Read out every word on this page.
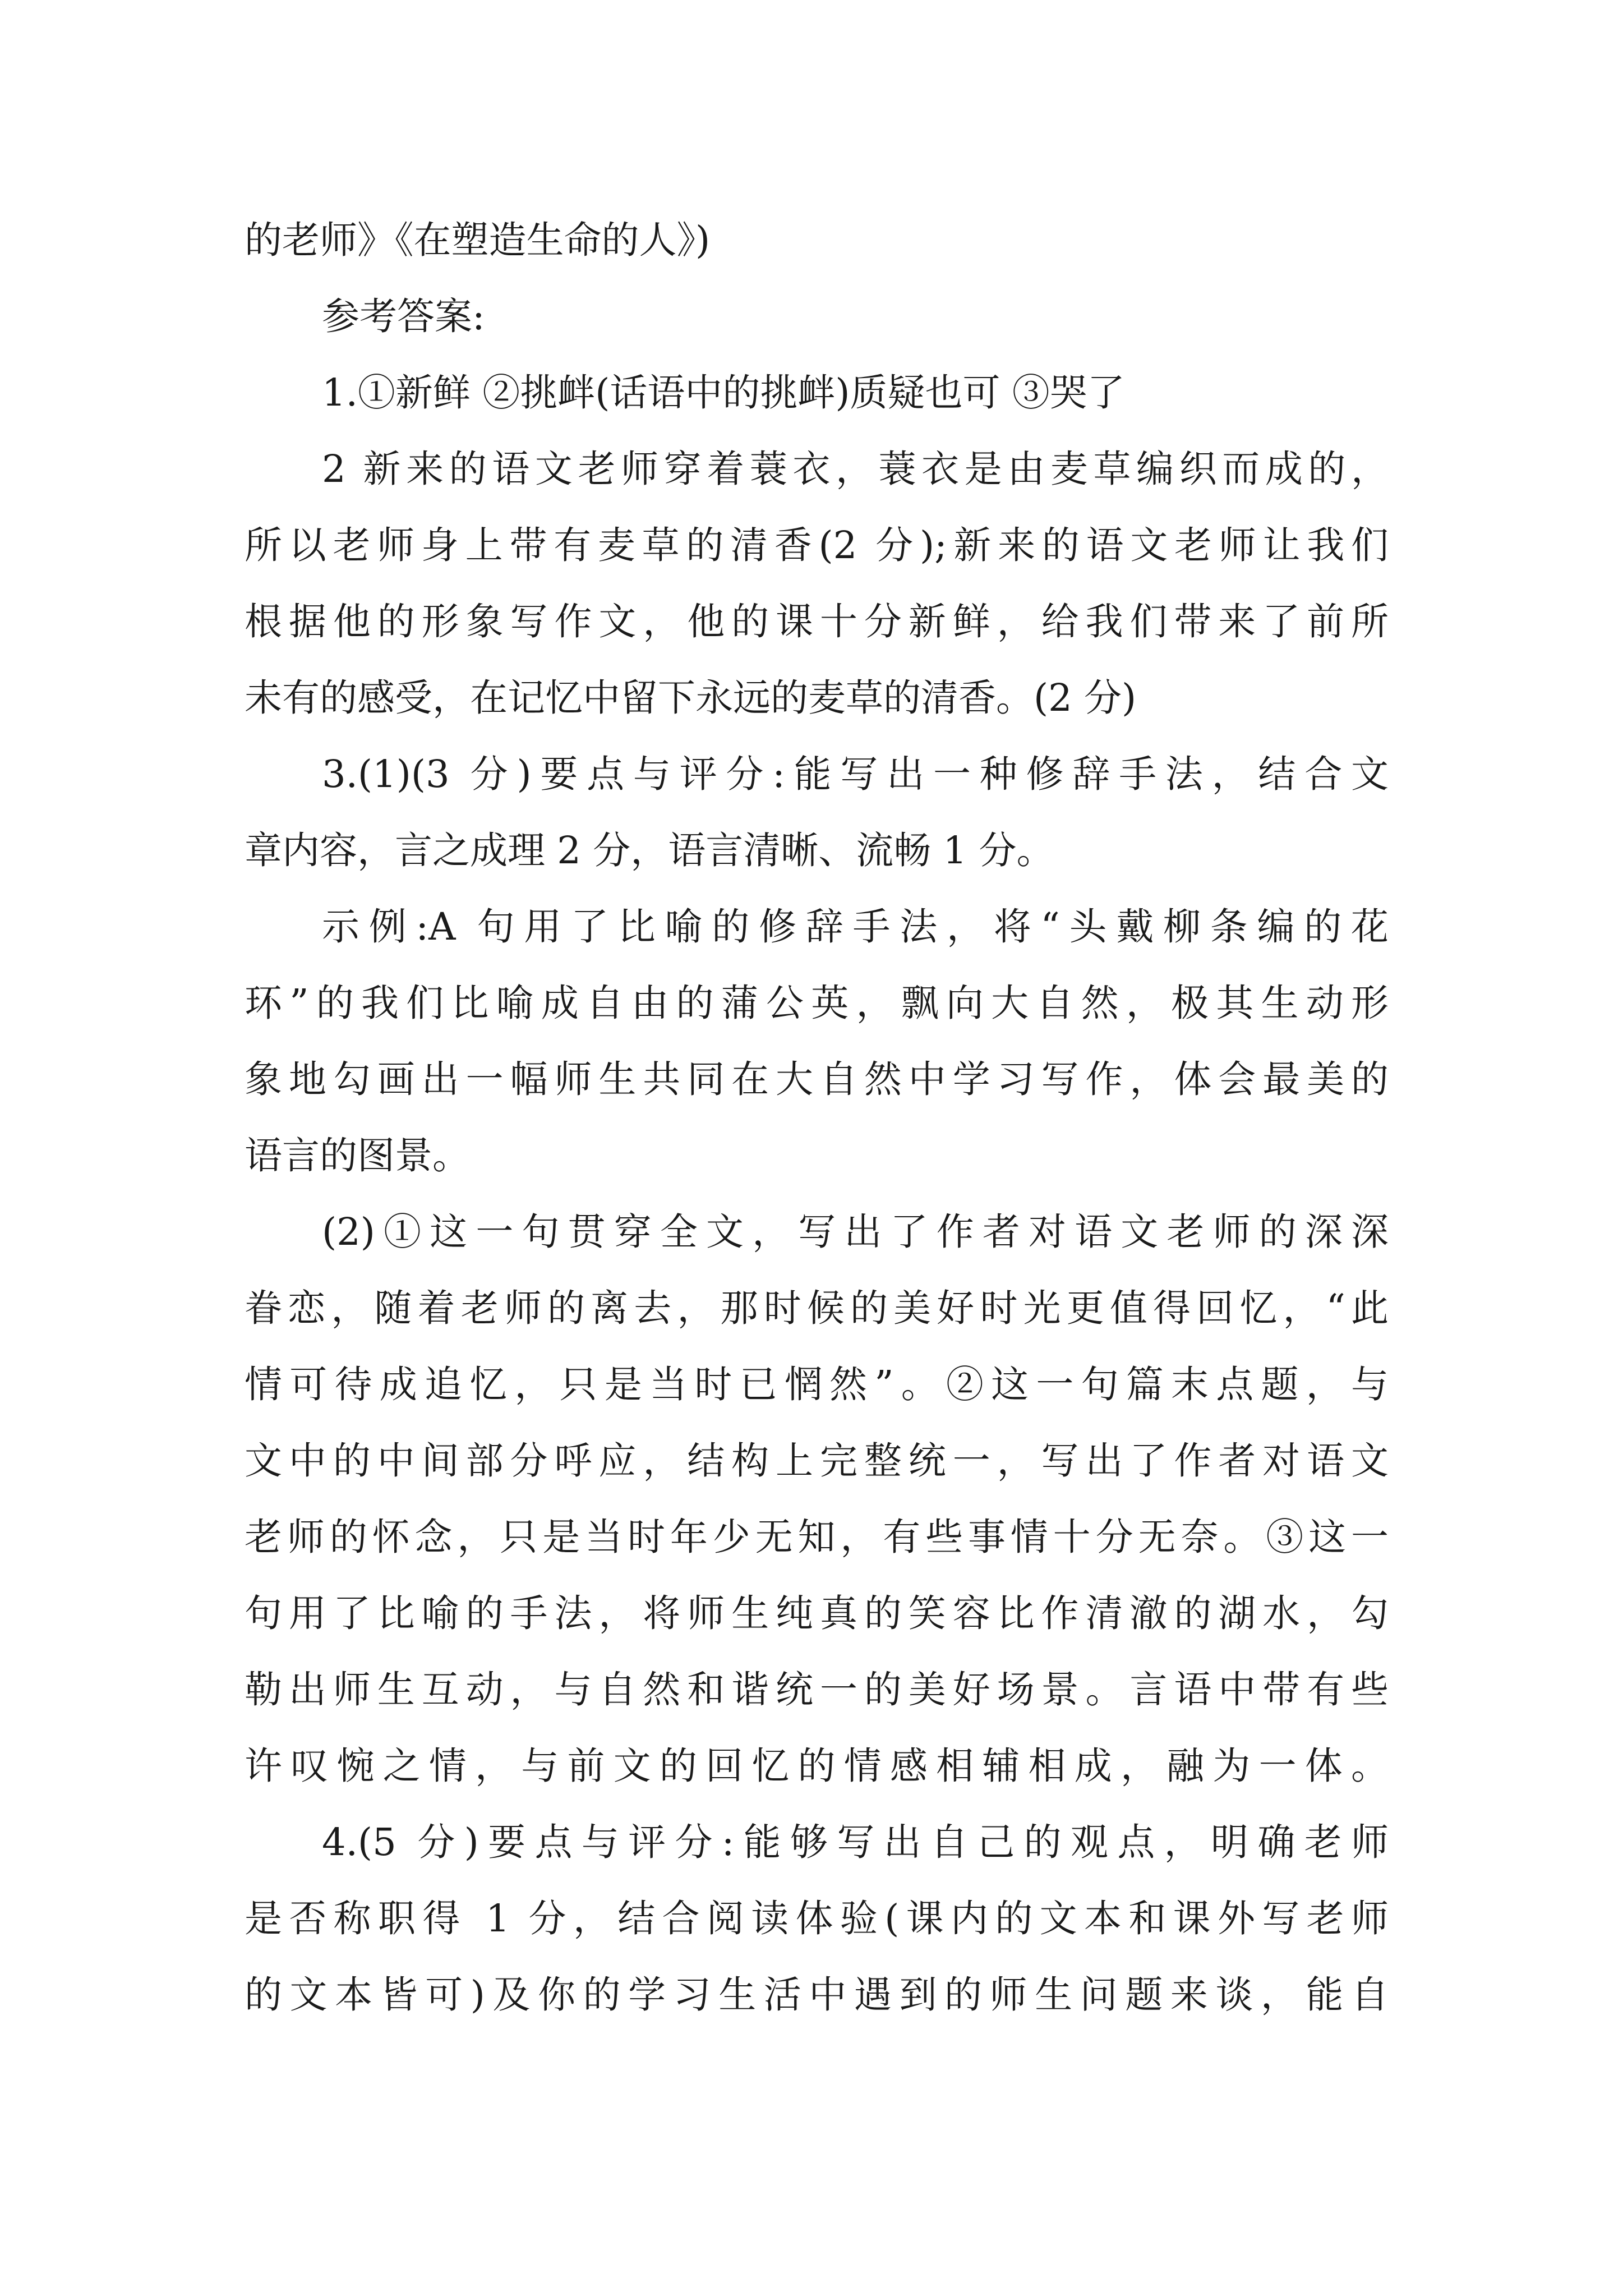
的老师》《在塑造生命的人》)
参考答案:
1.①新鲜 ②挑衅(话语中的挑衅)质疑也可 ③哭了
2 新来的语文老师穿着蓑衣，蓑衣是由麦草编织而成的，
所以老师身上带有麦草的清香(2 分);新来的语文老师让我们
根据他的形象写作文，他的课十分新鲜，给我们带来了前所
未有的感受，在记忆中留下永远的麦草的清香。(2 分)
3.(1)(3 分)要点与评分:能写出一种修辞手法，结合文
章内容，言之成理 2 分，语言清晰、流畅 1 分。
示例:A 句用了比喻的修辞手法，将“头戴柳条编的花
环”的我们比喻成自由的蒲公英，飘向大自然，极其生动形
象地勾画出一幅师生共同在大自然中学习写作，体会最美的
语言的图景。
(2)①这一句贯穿全文，写出了作者对语文老师的深深
眷恋，随着老师的离去，那时候的美好时光更值得回忆，“此
情可待成追忆，只是当时已惘然”。②这一句篇末点题，与
文中的中间部分呼应，结构上完整统一，写出了作者对语文
老师的怀念，只是当时年少无知，有些事情十分无奈。③这一
句用了比喻的手法，将师生纯真的笑容比作清澈的湖水，勾
勒出师生互动，与自然和谐统一的美好场景。言语中带有些
许叹惋之情，与前文的回忆的情感相辅相成，融为一体。
4.(5 分)要点与评分:能够写出自己的观点，明确老师
是否称职得 1 分，结合阅读体验(课内的文本和课外写老师
的文本皆可)及你的学习生活中遇到的师生问题来谈，能自
